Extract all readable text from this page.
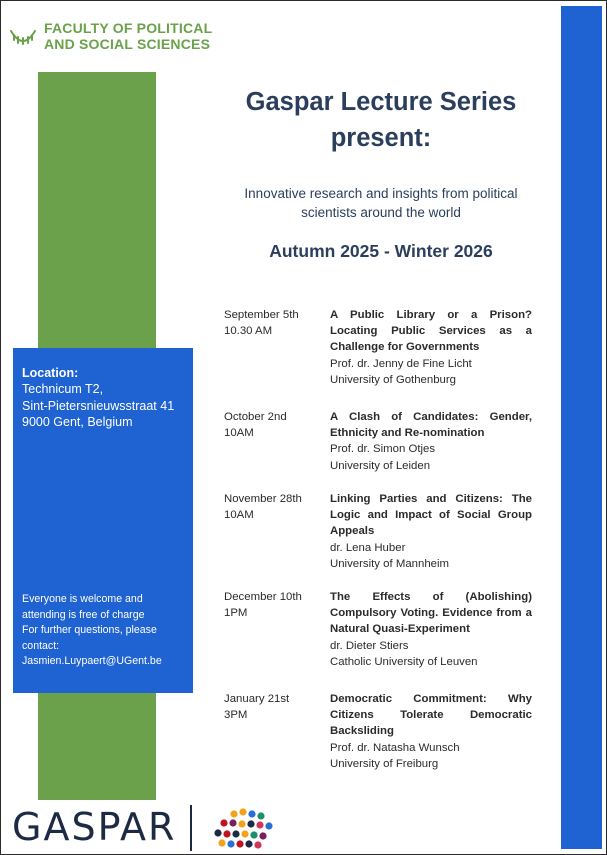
FACULTY OF POLITICAL
AND SOCIAL SCIENCES
Gaspar Lecture Series
present:
Innovative research and insights from political
scientists around the world
Autumn 2025 - Winter 2026
Location:
Technicum T2,
Sint-Pietersnieuwsstraat 41
9000 Gent, Belgium
Everyone is welcome and
attending is free of charge
For further questions, please
contact:
Jasmien.Luypaert@UGent.be
September 5th
10.30 AM
A Public Library or a Prison? Locating Public Services as a Challenge for Governments
Prof. dr. Jenny de Fine Licht
University of Gothenburg
October 2nd
10AM
A Clash of Candidates: Gender, Ethnicity and Re-nomination
Prof. dr. Simon Otjes
University of Leiden
November 28th
10AM
Linking Parties and Citizens: The Logic and Impact of Social Group Appeals
dr. Lena Huber
University of Mannheim
December 10th
1PM
The Effects of (Abolishing) Compulsory Voting. Evidence from a Natural Quasi-Experiment
dr. Dieter Stiers
Catholic University of Leuven
January 21st
3PM
Democratic Commitment: Why Citizens Tolerate Democratic Backsliding
Prof. dr. Natasha Wunsch
University of Freiburg
GASPAR
